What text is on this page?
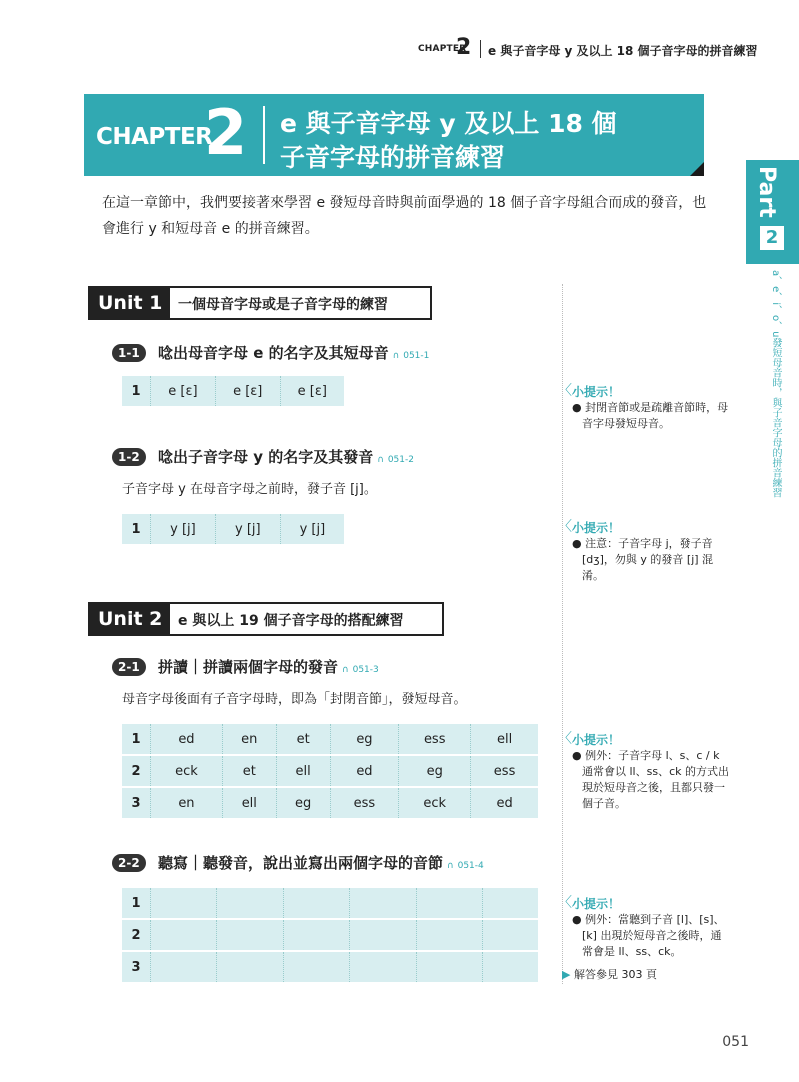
CHAPTER
2 e 與子音字母 y 及以上 18 個子音字母的拼音練習
CHAPTER
2 e 與子音字母 y 及以上 18 個
子音字母的拼音練習
在這一章節中，我們要接著來學習 e 發短母音時與前面學過的 18 個子音字母組合而成的發音，也會進行 y 和短母音 e 的拼音練習。
Part
2
a、e、i、o、u發短母音時，與子音字母的拼音練習
Unit 1	一個母音字母或是子音字母的練習
1-1	唸出母音字母 e 的名字及其短母音 ∩ 051-1
1	e [ɛ]	e [ɛ]	e [ɛ]	〈 小提示！
● 封閉音節或是疏離音節時，母音字母發短母音。
1-2	唸出子音字母 y 的名字及其發音 ∩ 051-2
子音字母 y 在母音字母之前時，發子音 [j]。
1	y [j]	y [j]	y [j]	〈 小提示！
● 注意：子音字母 j，發子音 [dʒ]，勿與 y 的發音 [j] 混淆。
Unit 2	e 與以上 19 個子音字母的搭配練習
2-1	拼讀｜拼讀兩個字母的發音 ∩ 051-3
母音字母後面有子音字母時，即為「封閉音節」，發短母音。
1	ed	en	et	eg	ess	ell
2	eck	et	ell	ed	eg	ess
3	en	ell	eg	ess	eck	ed
〈 小提示！
● 例外：子音字母 l、s、c / k 通常會以 ll、ss、ck 的方式出現於短母音之後，且都只發一個子音。
2-2	聽寫｜聽發音，說出並寫出兩個字母的音節 ∩ 051-4
1						
2						
3						
〈 小提示！
● 例外：當聽到子音 [l]、[s]、[k] 出現於短母音之後時，通常會是 ll、ss、ck。
▶ 解答參見 303 頁
051
